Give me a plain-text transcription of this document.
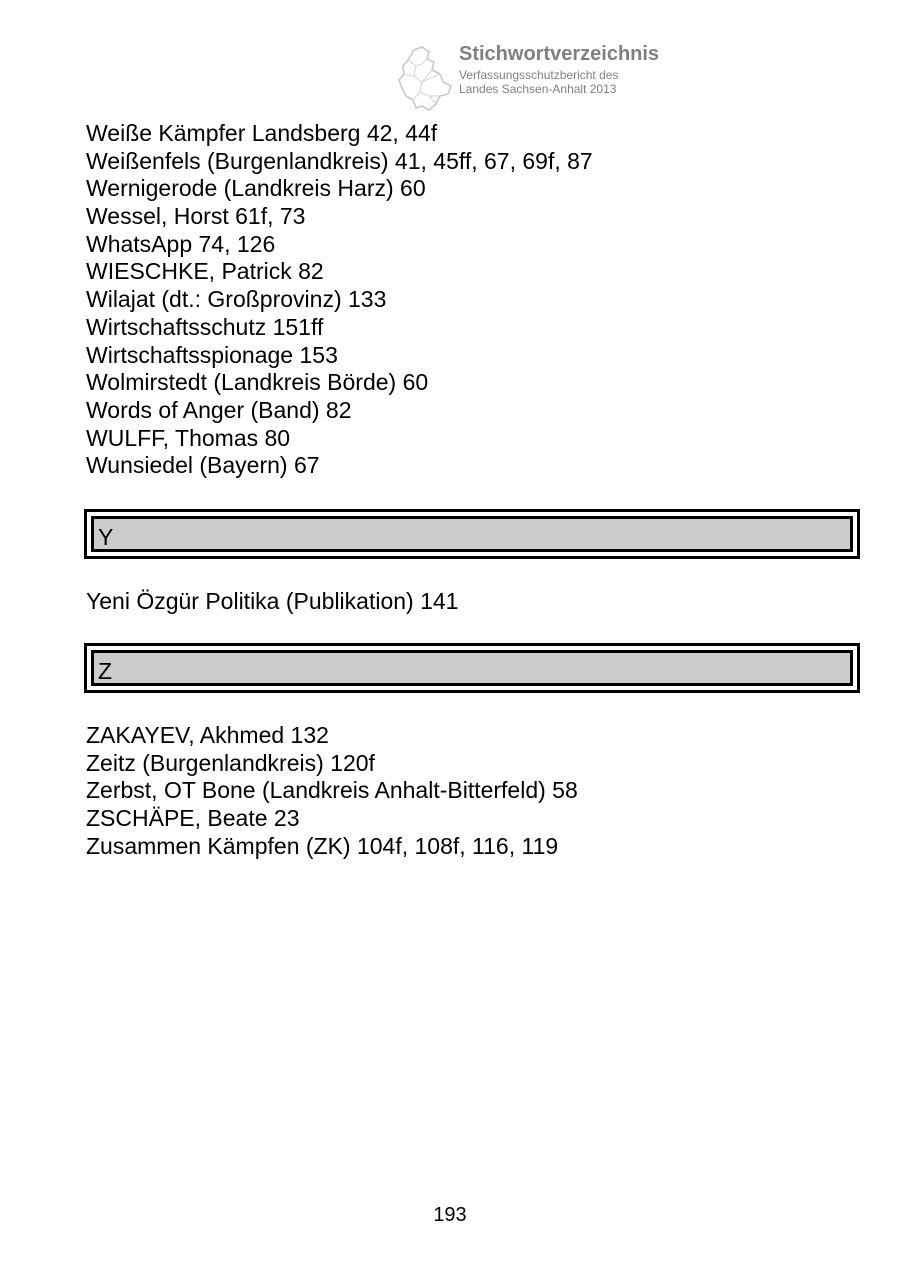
Stichwortverzeichnis
Verfassungsschutzbericht des
Landes Sachsen-Anhalt 2013
Weiße Kämpfer Landsberg 42, 44f
Weißenfels (Burgenlandkreis) 41, 45ff, 67, 69f, 87
Wernigerode (Landkreis Harz) 60
Wessel, Horst 61f, 73
WhatsApp 74, 126
WIESCHKE, Patrick 82
Wilajat (dt.: Großprovinz) 133
Wirtschaftsschutz 151ff
Wirtschaftsspionage 153
Wolmirstedt (Landkreis Börde) 60
Words of Anger (Band) 82
WULFF, Thomas 80
Wunsiedel (Bayern) 67
Y
Yeni Özgür Politika (Publikation) 141
Z
ZAKAYEV, Akhmed 132
Zeitz (Burgenlandkreis) 120f
Zerbst, OT Bone (Landkreis Anhalt-Bitterfeld) 58
ZSCHÄPE, Beate 23
Zusammen Kämpfen (ZK) 104f, 108f, 116, 119
193
